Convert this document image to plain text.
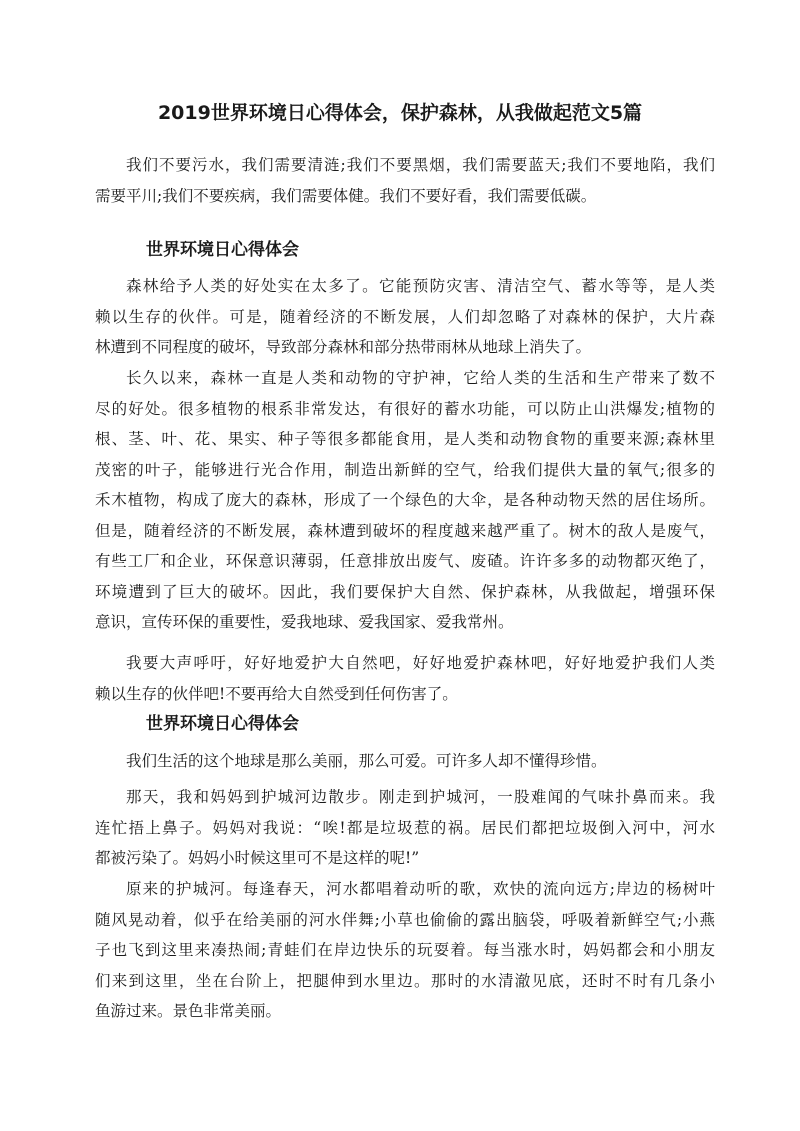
2019世界环境日心得体会，保护森林，从我做起范文5篇

我们不要污水，我们需要清涟;我们不要黑烟，我们需要蓝天;我们不要地陷，我们
需要平川;我们不要疾病，我们需要体健。我们不要好看，我们需要低碳。

世界环境日心得体会

森林给予人类的好处实在太多了。它能预防灾害、清洁空气、蓄水等等，是人类
赖以生存的伙伴。可是，随着经济的不断发展，人们却忽略了对森林的保护，大片森
林遭到不同程度的破坏，导致部分森林和部分热带雨林从地球上消失了。

长久以来，森林一直是人类和动物的守护神，它给人类的生活和生产带来了数不
尽的好处。很多植物的根系非常发达，有很好的蓄水功能，可以防止山洪爆发;植物的
根、茎、叶、花、果实、种子等很多都能食用，是人类和动物食物的重要来源;森林里
茂密的叶子，能够进行光合作用，制造出新鲜的空气，给我们提供大量的氧气;很多的
禾木植物，构成了庞大的森林，形成了一个绿色的大伞，是各种动物天然的居住场所。
但是，随着经济的不断发展，森林遭到破坏的程度越来越严重了。树木的敌人是废气，
有些工厂和企业，环保意识薄弱，任意排放出废气、废碴。许许多多的动物都灭绝了，
环境遭到了巨大的破坏。因此，我们要保护大自然、保护森林，从我做起，增强环保
意识，宣传环保的重要性，爱我地球、爱我国家、爱我常州。

我要大声呼吁，好好地爱护大自然吧，好好地爱护森林吧，好好地爱护我们人类
赖以生存的伙伴吧!不要再给大自然受到任何伤害了。

世界环境日心得体会

我们生活的这个地球是那么美丽，那么可爱。可许多人却不懂得珍惜。

那天，我和妈妈到护城河边散步。刚走到护城河，一股难闻的气味扑鼻而来。我
连忙捂上鼻子。妈妈对我说：“唉!都是垃圾惹的祸。居民们都把垃圾倒入河中，河水
都被污染了。妈妈小时候这里可不是这样的呢!”

原来的护城河。每逢春天，河水都唱着动听的歌，欢快的流向远方;岸边的杨树叶
随风晃动着，似乎在给美丽的河水伴舞;小草也偷偷的露出脑袋，呼吸着新鲜空气;小燕
子也飞到这里来凑热闹;青蛙们在岸边快乐的玩耍着。每当涨水时，妈妈都会和小朋友
们来到这里，坐在台阶上，把腿伸到水里边。那时的水清澈见底，还时不时有几条小
鱼游过来。景色非常美丽。
